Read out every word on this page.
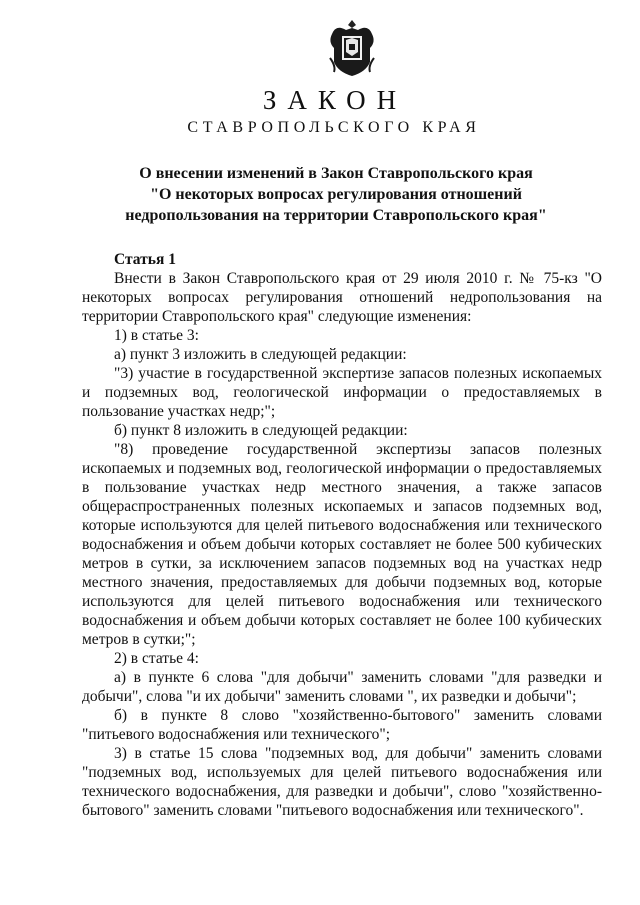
ЗАКОН
СТАВРОПОЛЬСКОГО КРАЯ
О внесении изменений в Закон Ставропольского края
"О некоторых вопросах регулирования отношений
недропользования на территории Ставропольского края"

Статья 1

Внести в Закон Ставропольского края от 29 июля 2010 г. № 75-кз "О некоторых вопросах регулирования отношений недропользования на территории Ставропольского края" следующие изменения:

1) в статье 3:

а) пункт 3 изложить в следующей редакции:

"3) участие в государственной экспертизе запасов полезных ископаемых и подземных вод, геологической информации о предоставляемых в пользование участках недр;";

б) пункт 8 изложить в следующей редакции:

"8) проведение государственной экспертизы запасов полезных ископаемых и подземных вод, геологической информации о предоставляемых в пользование участках недр местного значения, а также запасов общераспространенных полезных ископаемых и запасов подземных вод, которые используются для целей питьевого водоснабжения или технического водоснабжения и объем добычи которых составляет не более 500 кубических метров в сутки, за исключением запасов подземных вод на участках недр местного значения, предоставляемых для добычи подземных вод, которые используются для целей питьевого водоснабжения или технического водоснабжения и объем добычи которых составляет не более 100 кубических метров в сутки;";

2) в статье 4:

а) в пункте 6 слова "для добычи" заменить словами "для разведки и добычи", слова "и их добычи" заменить словами ", их разведки и добычи";

б) в пункте 8 слово "хозяйственно-бытового" заменить словами "питьевого водоснабжения или технического";

3) в статье 15 слова "подземных вод, для добычи" заменить словами "подземных вод, используемых для целей питьевого водоснабжения или технического водоснабжения, для разведки и добычи", слово "хозяйственно-бытового" заменить словами "питьевого водоснабжения или технического".
